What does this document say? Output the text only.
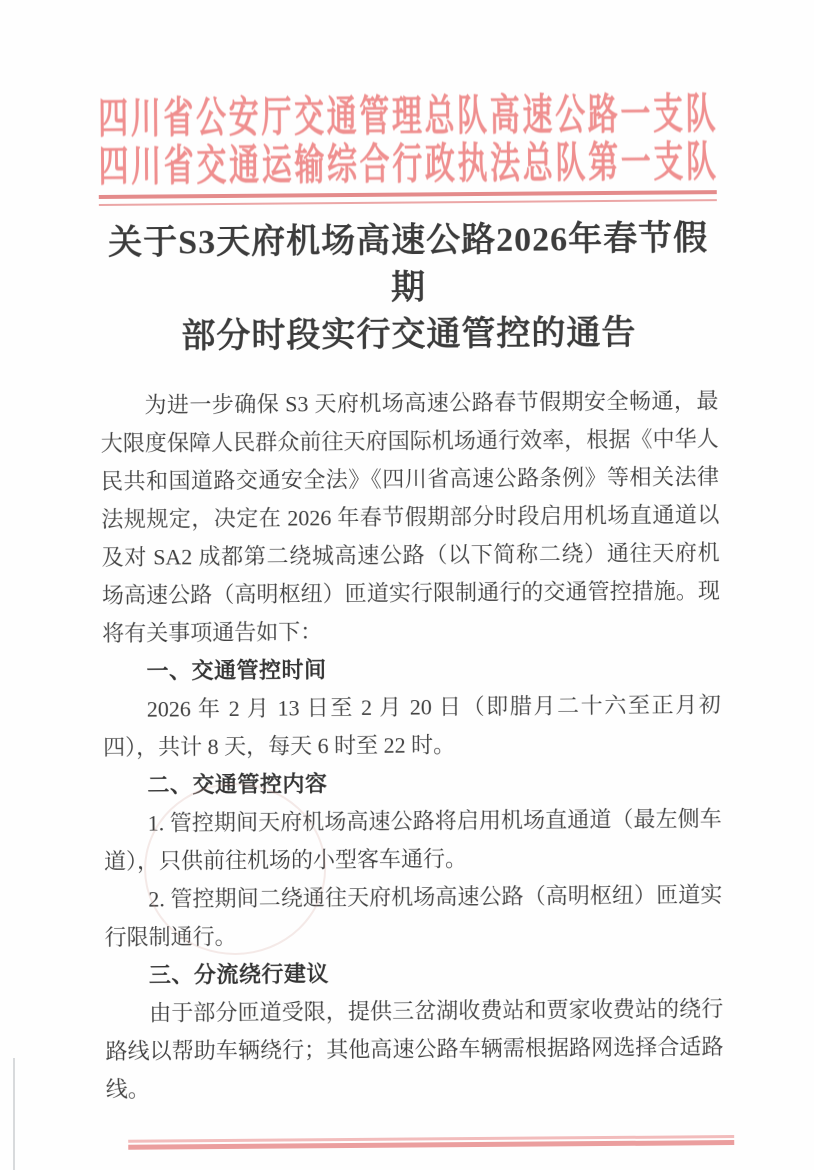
四川省公安厅交通管理总队高速公路一支队
四川省交通运输综合行政执法总队第一支队
关于S3天府机场高速公路2026年春节假期
部分时段实行交通管控的通告
为进一步确保 S3 天府机场高速公路春节假期安全畅通，最大限度保障人民群众前往天府国际机场通行效率，根据《中华人民共和国道路交通安全法》《四川省高速公路条例》等相关法律法规规定，决定在 2026 年春节假期部分时段启用机场直通道以及对 SA2 成都第二绕城高速公路（以下简称二绕）通往天府机场高速公路（高明枢纽）匝道实行限制通行的交通管控措施。现将有关事项通告如下：
一、交通管控时间
2026 年 2 月 13 日至 2 月 20 日（即腊月二十六至正月初四），共计 8 天，每天 6 时至 22 时。
二、交通管控内容
1. 管控期间天府机场高速公路将启用机场直通道（最左侧车道），只供前往机场的小型客车通行。
2. 管控期间二绕通往天府机场高速公路（高明枢纽）匝道实行限制通行。
三、分流绕行建议
由于部分匝道受限，提供三岔湖收费站和贾家收费站的绕行路线以帮助车辆绕行；其他高速公路车辆需根据路网选择合适路线。
